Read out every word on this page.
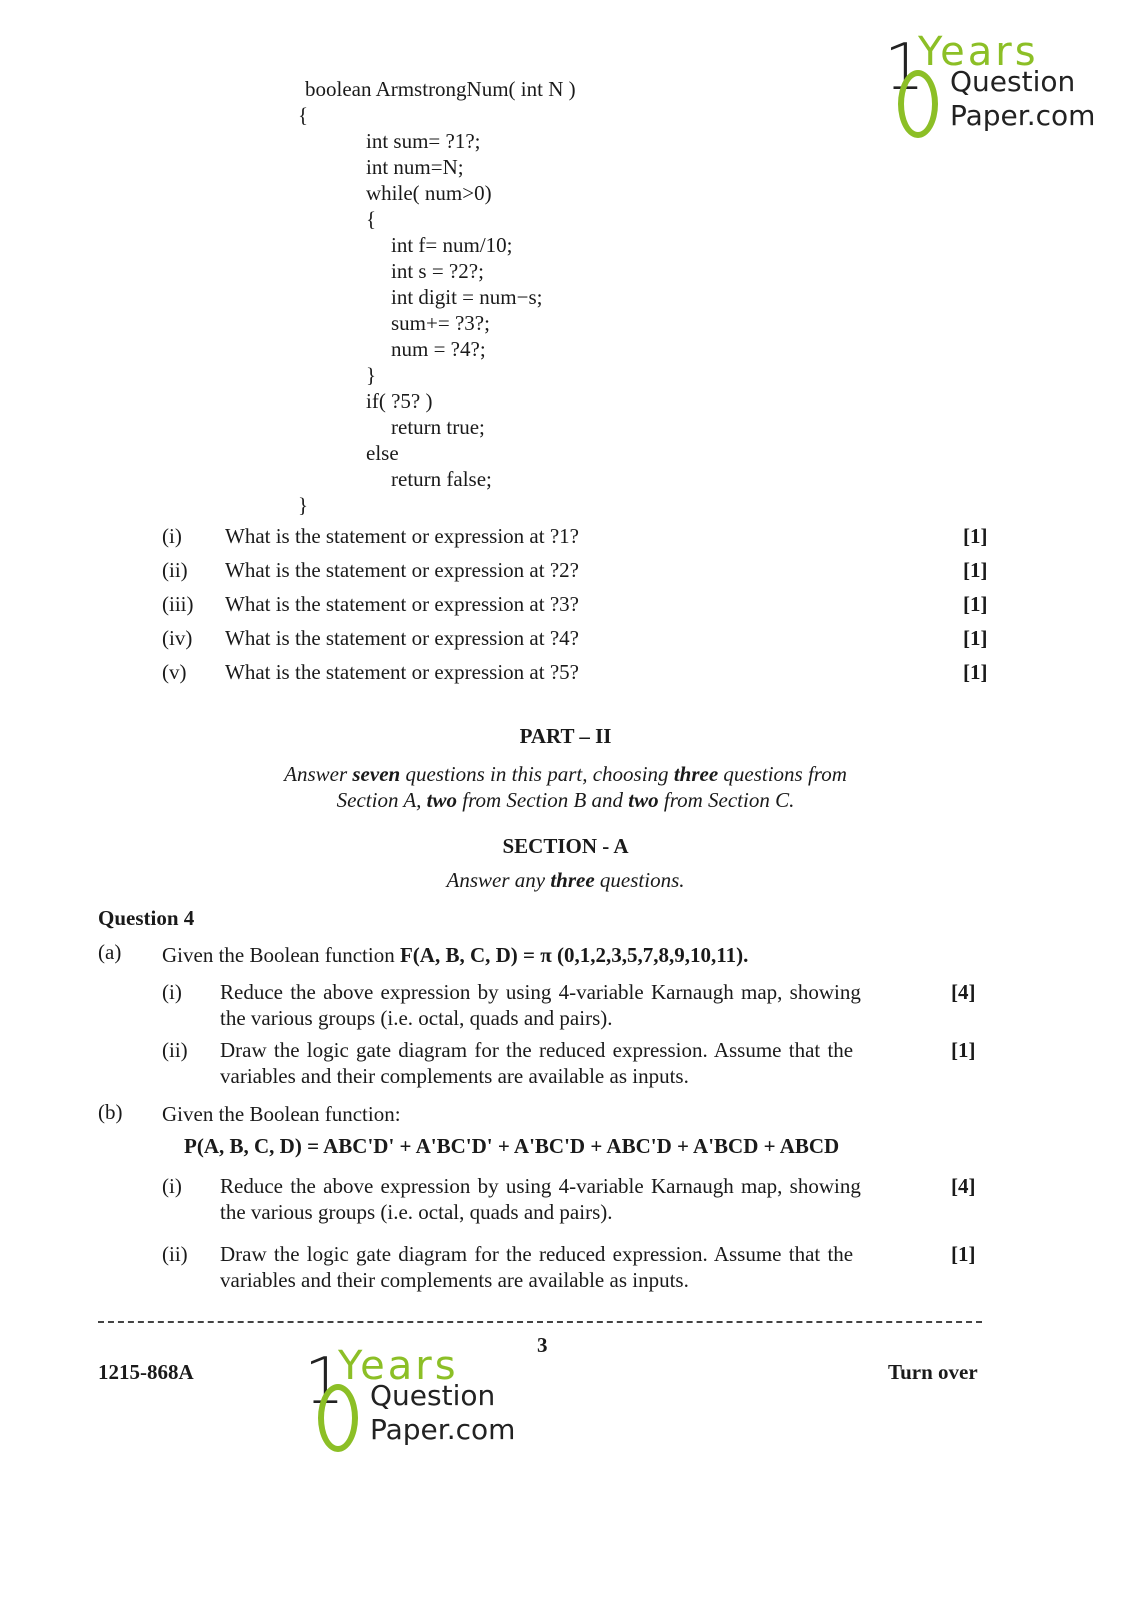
1
Years
Question
Paper.com
boolean ArmstrongNum( int N )
{
int sum= ?1?;
int num=N;
while( num>0)
{
int f= num/10;
int s = ?2?;
int digit = num−s;
sum+= ?3?;
num = ?4?;
}
if( ?5? )
return true;
else
return false;
}
(i) What is the statement or expression at ?1?	[1]
(ii) What is the statement or expression at ?2?	[1]
(iii) What is the statement or expression at ?3?	[1]
(iv) What is the statement or expression at ?4?	[1]
(v) What is the statement or expression at ?5?	[1]
PART – II
Answer seven questions in this part, choosing three questions from
Section A, two from Section B and two from Section C.
SECTION - A
Answer any three questions.
Question 4
(a) Given the Boolean function F(A, B, C, D) = π (0,1,2,3,5,7,8,9,10,11).
(i) Reduce the above expression by using 4-variable Karnaugh map, showing
the various groups (i.e. octal, quads and pairs).
[4]
(ii) Draw the logic gate diagram for the reduced expression. Assume that the
variables and their complements are available as inputs.
[1]
(b) Given the Boolean function:
P(A, B, C, D) = ABC'D' + A'BC'D' + A'BC'D + ABC'D + A'BCD + ABCD
(i) Reduce the above expression by using 4-variable Karnaugh map, showing
the various groups (i.e. octal, quads and pairs).
[4]
(ii) Draw the logic gate diagram for the reduced expression. Assume that the
variables and their complements are available as inputs.
[1]
3
1215-868A	Turn over
1
Years
Question
Paper.com
